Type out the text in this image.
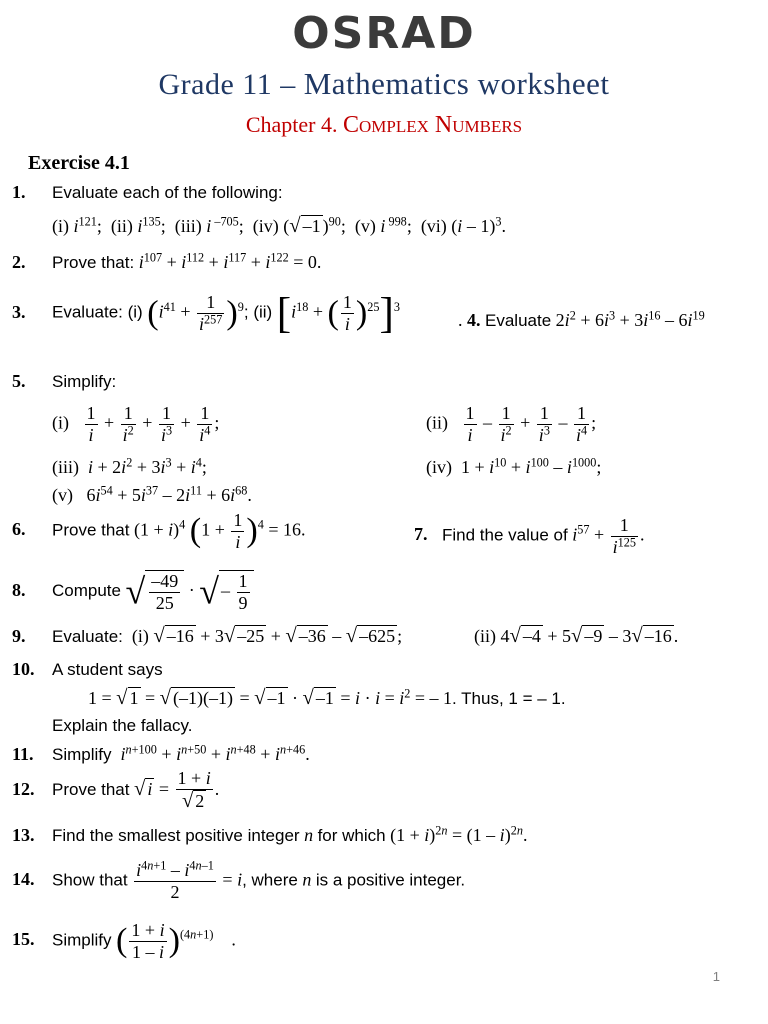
OSRAD
Grade 11 – Mathematics worksheet
Chapter 4. Complex Numbers
Exercise 4.1
1. Evaluate each of the following:
(i) $i^{121}$;  (ii) $i^{135}$;  (iii) i $^{-705}$;  (iv) (√ –1 )$^{90}$;  (v) i $^{998}$;  (vi) (i – 1)$^3$.
2. Prove that: $i^{107} + i^{112} + i^{117} + i^{122} = 0$.
3. Evaluate: (i) $(i^{41} + \frac{1}{i^{257}} )^9$; (ii) [$i^{18}$ + ( $\frac{1}{i} )^{25}]^3$
. 4. Evaluate $2i^2 + 6i^3 + 3i^{16} - 6i^{19}$
5. Simplify:
$(i) \frac{1}{i} + \frac{1}{i^2} + \frac{1}{i^3} + \frac{1}{i^4}$ ;	$(ii) \frac{1}{i} - \frac{1}{i^2} + \frac{1}{i^3} - \frac{1}{i^4}$ ;
(iii)  $i + 2i^2 + 3i^3 + i^4$;	(iv)  $1 + i^{10} + i^{100} - i^{1000}$;
(v)   $6i^{54} + 5i^{37} - 2i^{11} + 6i^{68}$.
6. Prove that $(1 + i)^4$ $(1 + \frac{1}{i} )^4 = 16$.	7. Find the value of $i^{57} + \frac{1}{i^{125}}$ .
8. Compute √ $\frac{-49}{25}$ · √ – $\frac{1}{9}$
9. Evaluate:  (i) √ –16 + 3√ –25 + √ –36 – √ –625 ;	(ii) 4√ –4 + 5√ –9 – 3√ –16 .
10. A student says
1 = √ 1 = √ (–1)(–1) = √ –1 · √ $-1 = i \cdot i = i^2$ = – 1. Thus, 1 = – 1.
Explain the fallacy.
11. Simplify $i^{n+100} + i^{n+50} + i^{n+48} + i^{n+46}$.
12. Prove that √ $i = \frac{1 + i}{√ 2}$ .
13. Find the smallest positive integer n for which $(1 + i)^{2n} = (1 - i)^{2n}$.
14. Show that $\frac{i^{4n+1} - i^{4n-1}}{2} = i$, where n is a positive integer.
15. Simplify ( $\frac{1 + i}{1 - i} )^{(4n+1)}$    .
1
